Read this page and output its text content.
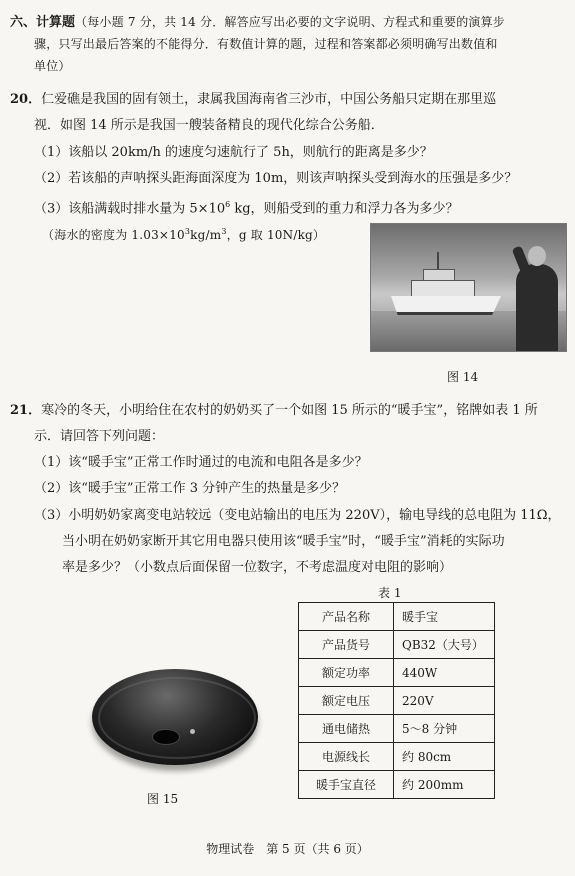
六、计算题（每小题 7 分，共 14 分．解答应写出必要的文字说明、方程式和重要的演算步
骤，只写出最后答案的不能得分．有数值计算的题，过程和答案都必须明确写出数值和
单位）
20．仁爱礁是我国的固有领土，隶属我国海南省三沙市，中国公务船只定期在那里巡
视．如图 14 所示是我国一艘装备精良的现代化综合公务船．
（1）该船以 20km/h 的速度匀速航行了 5h，则航行的距离是多少？
（2）若该船的声呐探头距海面深度为 10m，则该声呐探头受到海水的压强是多少？
（3）该船满载时排水量为 $5\times 10^6$ kg，则船受到的重力和浮力各为多少？
（海水的密度为 $1.03\times 10^3kg/m^3$，g 取 10N/kg）
图 14
21．寒冷的冬天，小明给住在农村的奶奶买了一个如图 15 所示的“暖手宝”，铭牌如表 1 所
示．请回答下列问题：
（1）该“暖手宝”正常工作时通过的电流和电阻各是多少？
（2）该“暖手宝”正常工作 3 分钟产生的热量是多少？
（3）小明奶奶家离变电站较远（变电站输出的电压为 220V），输电导线的总电阻为 11Ω，
当小明在奶奶家断开其它用电器只使用该“暖手宝”时，“暖手宝”消耗的实际功
率是多少？（小数点后面保留一位数字，不考虑温度对电阻的影响）
表 1
产品名称	暖手宝
产品货号	QB32（大号）
额定功率	440W
额定电压	220V
通电储热	5～8 分钟
电源线长	约 80cm
暖手宝直径	约 200mm
图 15
物理试卷　第 5 页（共 6 页）
